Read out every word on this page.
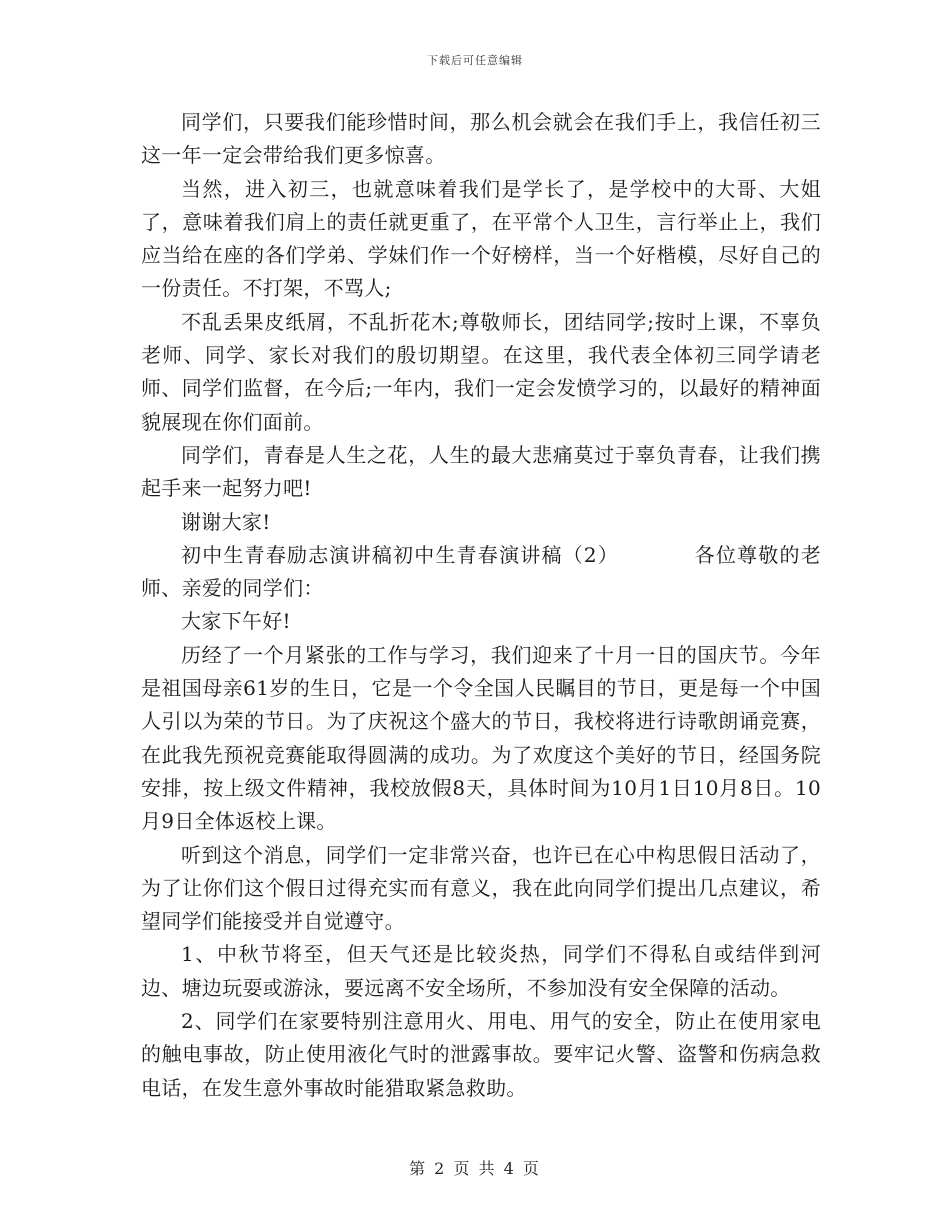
下载后可任意编辑

同学们，只要我们能珍惜时间，那么机会就会在我们手上，我信任初三这一年一定会带给我们更多惊喜。

当然，进入初三，也就意味着我们是学长了，是学校中的大哥、大姐了，意味着我们肩上的责任就更重了，在平常个人卫生，言行举止上，我们应当给在座的各们学弟、学妹们作一个好榜样，当一个好楷模，尽好自己的一份责任。不打架，不骂人;

不乱丢果皮纸屑，不乱折花木;尊敬师长，团结同学;按时上课，不辜负老师、同学、家长对我们的殷切期望。在这里，我代表全体初三同学请老师、同学们监督，在今后;一年内，我们一定会发愤学习的，以最好的精神面貌展现在你们面前。

同学们，青春是人生之花，人生的最大悲痛莫过于辜负青春，让我们携起手来一起努力吧!

谢谢大家!

初中生青春励志演讲稿初中生青春演讲稿（2）          各位尊敬的老师、亲爱的同学们：

大家下午好!

历经了一个月紧张的工作与学习，我们迎来了十月一日的国庆节。今年是祖国母亲61岁的生日，它是一个令全国人民瞩目的节日，更是每一个中国人引以为荣的节日。为了庆祝这个盛大的节日，我校将进行诗歌朗诵竞赛，在此我先预祝竞赛能取得圆满的成功。为了欢度这个美好的节日，经国务院安排，按上级文件精神，我校放假8天，具体时间为10月1日10月8日。10月9日全体返校上课。

听到这个消息，同学们一定非常兴奋，也许已在心中构思假日活动了，为了让你们这个假日过得充实而有意义，我在此向同学们提出几点建议，希望同学们能接受并自觉遵守。

1、中秋节将至，但天气还是比较炎热，同学们不得私自或结伴到河边、塘边玩耍或游泳，要远离不安全场所，不参加没有安全保障的活动。

2、同学们在家要特别注意用火、用电、用气的安全，防止在使用家电的触电事故，防止使用液化气时的泄露事故。要牢记火警、盗警和伤病急救电话，在发生意外事故时能猎取紧急救助。

第 2 页 共 4 页
